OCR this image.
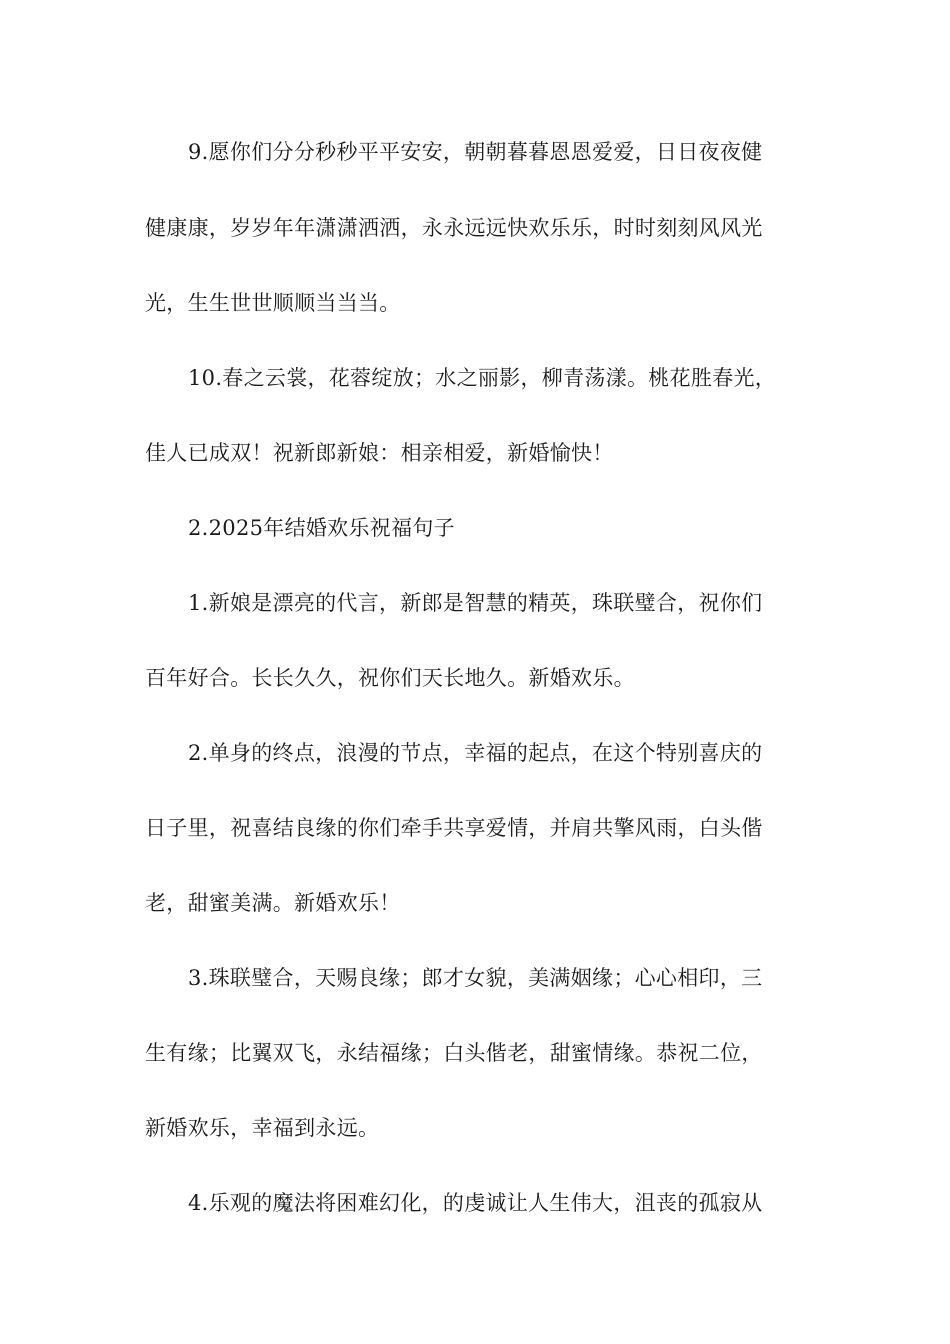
9.愿你们分分秒秒平平安安，朝朝暮暮恩恩爱爱，日日夜夜健
健康康，岁岁年年潇潇洒洒，永永远远快欢乐乐，时时刻刻风风光
光，生生世世顺顺当当当。
10.春之云裳，花蓉绽放；水之丽影，柳青荡漾。桃花胜春光，
佳人已成双！祝新郎新娘：相亲相爱，新婚愉快！
2.2025年结婚欢乐祝福句子
1.新娘是漂亮的代言，新郎是智慧的精英，珠联璧合，祝你们
百年好合。长长久久，祝你们天长地久。新婚欢乐。
2.单身的终点，浪漫的节点，幸福的起点，在这个特别喜庆的
日子里，祝喜结良缘的你们牵手共享爱情，并肩共擎风雨，白头偕
老，甜蜜美满。新婚欢乐！
3.珠联璧合，天赐良缘；郎才女貌，美满姻缘；心心相印，三
生有缘；比翼双飞，永结福缘；白头偕老，甜蜜情缘。恭祝二位，
新婚欢乐，幸福到永远。
4.乐观的魔法将困难幻化，的虔诚让人生伟大，沮丧的孤寂从
